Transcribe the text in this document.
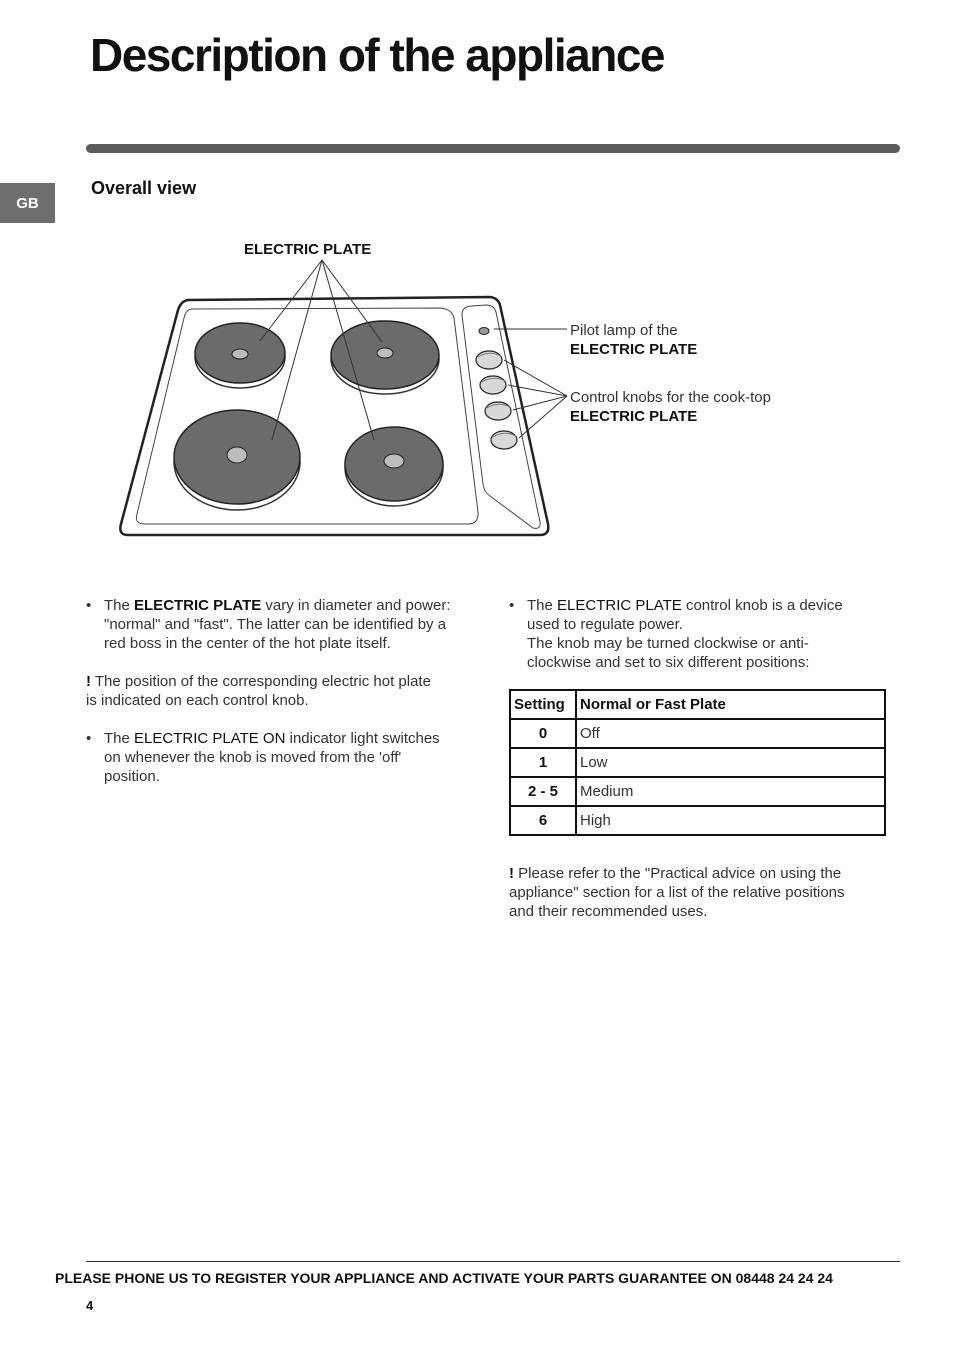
Description of the appliance
GB
Overall view
ELECTRIC PLATE
Pilot lamp of the
ELECTRIC PLATE
Control knobs for the cook-top
ELECTRIC PLATE
• The ELECTRIC PLATE vary in diameter and power:

"normal" and "fast". The latter can be identified by a

red boss in the center of the hot plate itself.

! The position of the corresponding electric hot plate

is indicated on each control knob.

• The ELECTRIC PLATE ON indicator light switches

on whenever the knob is moved from the 'off'

position.

• The ELECTRIC PLATE control knob is a device

used to regulate power.

The knob may be turned clockwise or anti-

clockwise and set to six different positions:

Setting	Normal or Fast Plate
0	Off
1	Low
2 - 5	Medium
6	High

! Please refer to the "Practical advice on using the

appliance" section for a list of the relative positions

and their recommended uses.

PLEASE PHONE US TO REGISTER YOUR APPLIANCE AND ACTIVATE YOUR PARTS GUARANTEE ON 08448 24 24 24
4
